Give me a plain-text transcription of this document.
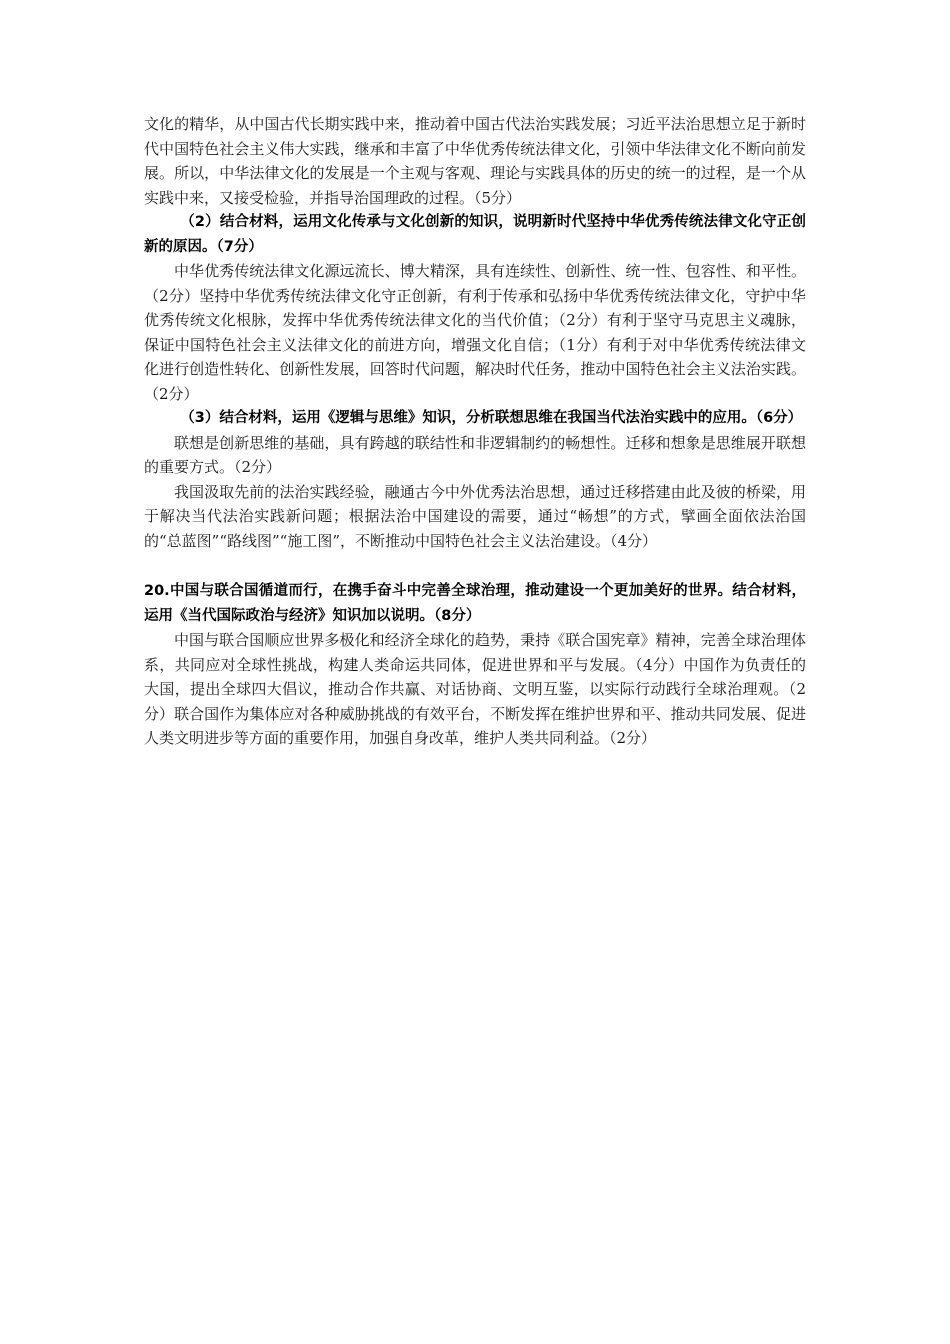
文化的精华，从中国古代长期实践中来，推动着中国古代法治实践发展；习近平法治思想立足于新时代中国特色社会主义伟大实践，继承和丰富了中华优秀传统法律文化，引领中华法律文化不断向前发展。所以，中华法律文化的发展是一个主观与客观、理论与实践具体的历史的统一的过程，是一个从实践中来，又接受检验，并指导治国理政的过程。（5分）

（2）结合材料，运用文化传承与文化创新的知识，说明新时代坚持中华优秀传统法律文化守正创新的原因。（7分）

中华优秀传统法律文化源远流长、博大精深，具有连续性、创新性、统一性、包容性、和平性。（2分）坚持中华优秀传统法律文化守正创新，有利于传承和弘扬中华优秀传统法律文化，守护中华优秀传统文化根脉，发挥中华优秀传统法律文化的当代价值；（2分）有利于坚守马克思主义魂脉，保证中国特色社会主义法律文化的前进方向，增强文化自信；（1分）有利于对中华优秀传统法律文化进行创造性转化、创新性发展，回答时代问题，解决时代任务，推动中国特色社会主义法治实践。（2分）

（3）结合材料，运用《逻辑与思维》知识，分析联想思维在我国当代法治实践中的应用。（6分）

联想是创新思维的基础，具有跨越的联结性和非逻辑制约的畅想性。迁移和想象是思维展开联想的重要方式。（2分）

我国汲取先前的法治实践经验，融通古今中外优秀法治思想，通过迁移搭建由此及彼的桥梁，用于解决当代法治实践新问题；根据法治中国建设的需要，通过“畅想”的方式，擘画全面依法治国的“总蓝图”“路线图”“施工图”，不断推动中国特色社会主义法治建设。（4分）

20.中国与联合国循道而行，在携手奋斗中完善全球治理，推动建设一个更加美好的世界。结合材料，运用《当代国际政治与经济》知识加以说明。（8分）

中国与联合国顺应世界多极化和经济全球化的趋势，秉持《联合国宪章》精神，完善全球治理体系，共同应对全球性挑战，构建人类命运共同体，促进世界和平与发展。（4分）中国作为负责任的大国，提出全球四大倡议，推动合作共赢、对话协商、文明互鉴，以实际行动践行全球治理观。（2分）联合国作为集体应对各种威胁挑战的有效平台，不断发挥在维护世界和平、推动共同发展、促进人类文明进步等方面的重要作用，加强自身改革，维护人类共同利益。（2分）
